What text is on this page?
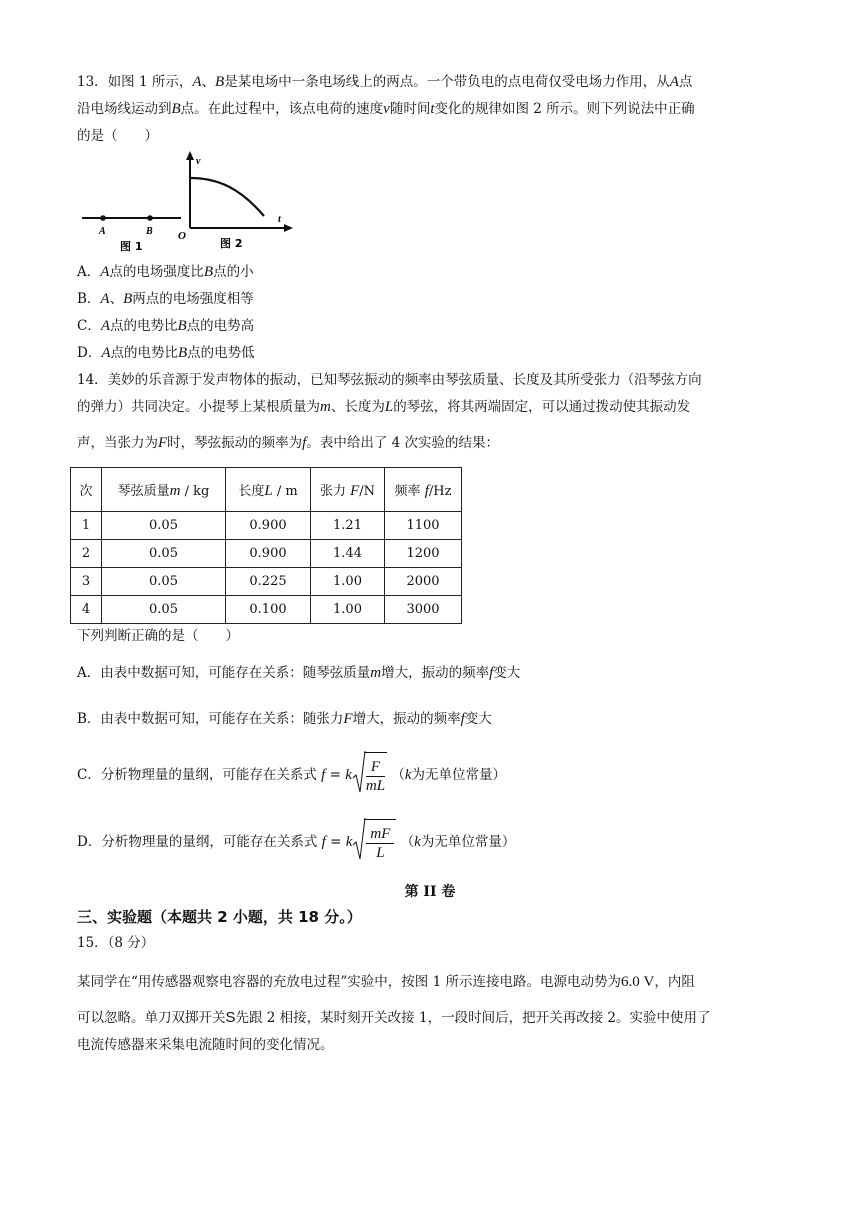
13．如图 1 所示，A、B是某电场中一条电场线上的两点。一个带负电的点电荷仅受电场力作用，从A点
沿电场线运动到B点。在此过程中，该点电荷的速度v随时间t变化的规律如图 2 所示。则下列说法中正确
的是（　　）
A	B
图 1
v
t
O
图 2
A．A点的电场强度比B点的小
B．A、B两点的电场强度相等
C．A点的电势比B点的电势高
D．A点的电势比B点的电势低
14．美妙的乐音源于发声物体的振动，已知琴弦振动的频率由琴弦质量、长度及其所受张力（沿琴弦方向
的弹力）共同决定。小提琴上某根质量为m、长度为L的琴弦，将其两端固定，可以通过拨动使其振动发
声，当张力为F时，琴弦振动的频率为f。表中给出了 4 次实验的结果：
次	琴弦质量m / kg	长度L / m	张力 F/N	频率 f/Hz
1	0.05	0.900	1.21	1100
2	0.05	0.900	1.44	1200
3	0.05	0.225	1.00	2000
4	0.05	0.100	1.00	3000
下列判断正确的是（　　）
A．由表中数据可知，可能存在关系：随琴弦质量m增大，振动的频率f变大
B．由表中数据可知，可能存在关系：随张力F增大，振动的频率f变大
C．分析物理量的量纲，可能存在关系式 f = k $\frac{F}{mL} (k$为无单位常量）
D．分析物理量的量纲，可能存在关系式 f = k $\frac{mF}{L} (k$为无单位常量）
第 II 卷
三、实验题（本题共 2 小题，共 18 分。）
15．（8 分）
某同学在“用传感器观察电容器的充放电过程”实验中，按图 1 所示连接电路。电源电动势为6.0 V，内阻
可以忽略。单刀双掷开关S先跟 2 相接，某时刻开关改接 1，一段时间后，把开关再改接 2。实验中使用了
电流传感器来采集电流随时间的变化情况。
